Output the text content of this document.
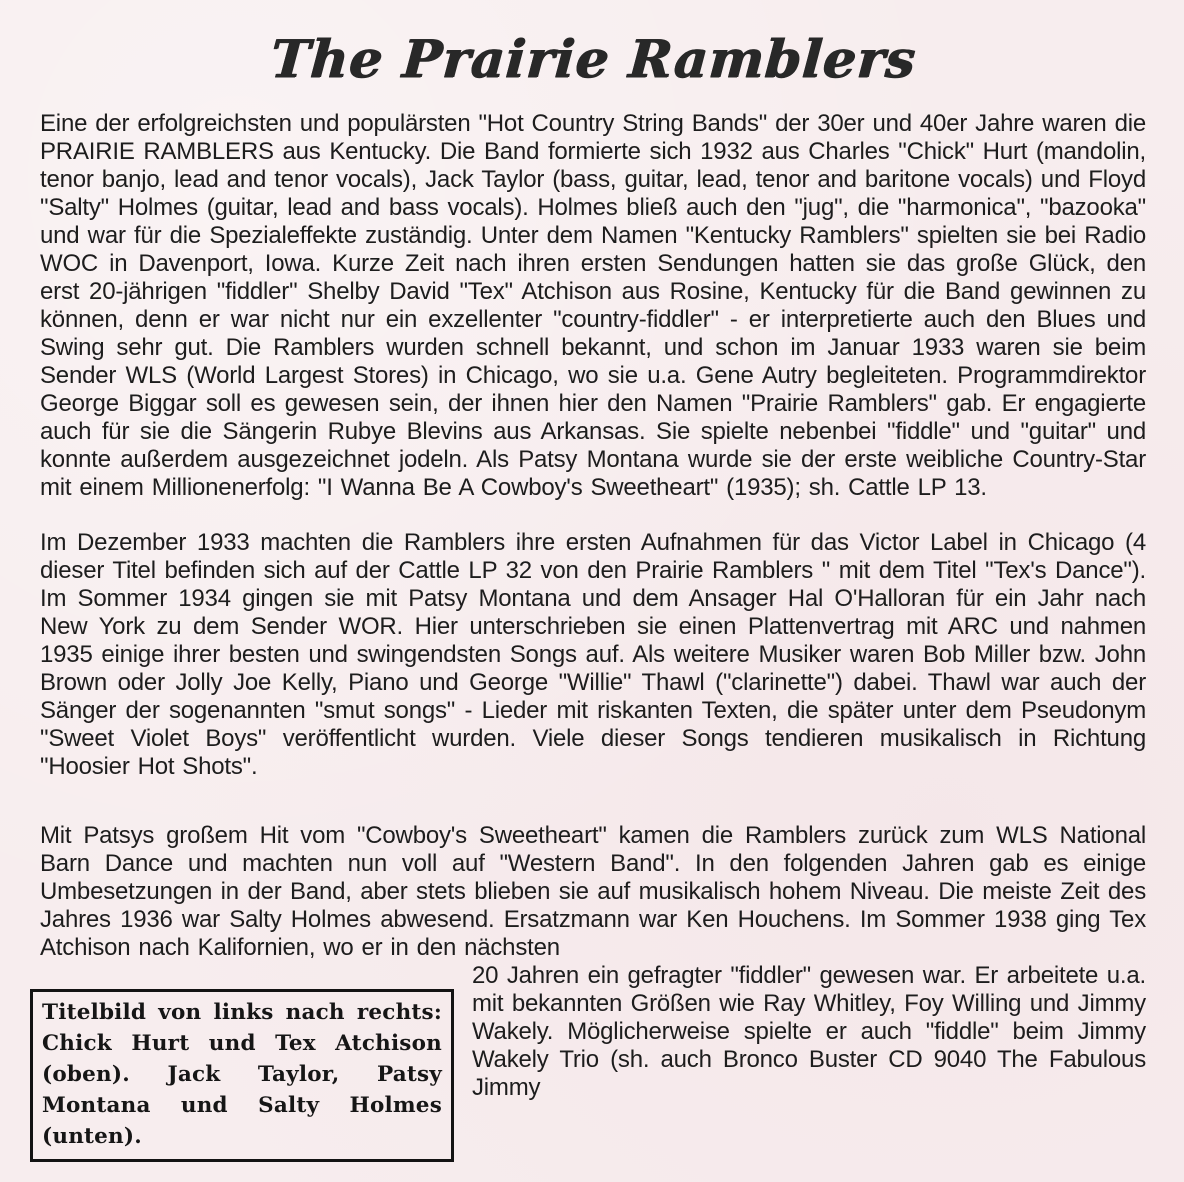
The Prairie Ramblers

Eine der erfolgreichsten und populärsten "Hot Country String Bands" der 30er und 40er Jahre waren die PRAIRIE RAMBLERS aus Kentucky. Die Band formierte sich 1932 aus Charles "Chick" Hurt (mandolin, tenor banjo, lead and tenor vocals), Jack Taylor (bass, guitar, lead, tenor and baritone vocals) und Floyd "Salty" Holmes (guitar, lead and bass vocals). Holmes bließ auch den "jug", die "harmonica", "bazooka" und war für die Spezialeffekte zuständig. Unter dem Namen "Kentucky Ramblers" spielten sie bei Radio WOC in Davenport, Iowa. Kurze Zeit nach ihren ersten Sendungen hatten sie das große Glück, den erst 20-jährigen "fiddler" Shelby David "Tex" Atchison aus Rosine, Kentucky für die Band gewinnen zu können, denn er war nicht nur ein exzellenter "country-fiddler" - er interpretierte auch den Blues und Swing sehr gut. Die Ramblers wurden schnell bekannt, und schon im Januar 1933 waren sie beim Sender WLS (World Largest Stores) in Chicago, wo sie u.a. Gene Autry begleiteten. Programmdirektor George Biggar soll es gewesen sein, der ihnen hier den Namen "Prairie Ramblers" gab. Er engagierte auch für sie die Sängerin Rubye Blevins aus Arkansas. Sie spielte nebenbei "fiddle" und "guitar" und konnte außerdem ausgezeichnet jodeln. Als Patsy Montana wurde sie der erste weibliche Country-Star mit einem Millionenerfolg: "I Wanna Be A Cowboy's Sweetheart" (1935); sh. Cattle LP 13.

Im Dezember 1933 machten die Ramblers ihre ersten Aufnahmen für das Victor Label in Chicago (4 dieser Titel befinden sich auf der Cattle LP 32 von den Prairie Ramblers " mit dem Titel "Tex's Dance"). Im Sommer 1934 gingen sie mit Patsy Montana und dem Ansager Hal O'Halloran für ein Jahr nach New York zu dem Sender WOR. Hier unterschrieben sie einen Plattenvertrag mit ARC und nahmen 1935 einige ihrer besten und swingendsten Songs auf. Als weitere Musiker waren Bob Miller bzw. John Brown oder Jolly Joe Kelly, Piano und George "Willie" Thawl ("clarinette") dabei. Thawl war auch der Sänger der sogenannten "smut songs" - Lieder mit riskanten Texten, die später unter dem Pseudonym "Sweet Violet Boys" veröffentlicht wurden. Viele dieser Songs tendieren musikalisch in Richtung "Hoosier Hot Shots".

Mit Patsys großem Hit vom "Cowboy's Sweetheart" kamen die Ramblers zurück zum WLS National Barn Dance und machten nun voll auf "Western Band". In den folgenden Jahren gab es einige Umbesetzungen in der Band, aber stets blieben sie auf musikalisch hohem Niveau. Die meiste Zeit des Jahres 1936 war Salty Holmes abwesend. Ersatzmann war Ken Houchens. Im Sommer 1938 ging Tex Atchison nach Kalifornien, wo er in den nächsten

Titelbild von links nach rechts: Chick Hurt und Tex Atchison (oben). Jack Taylor, Patsy Montana und Salty Holmes (unten).

20 Jahren ein gefragter "fiddler" gewesen war. Er arbeitete u.a. mit bekannten Größen wie Ray Whitley, Foy Willing und Jimmy Wakely. Möglicherweise spielte er auch "fiddle" beim Jimmy Wakely Trio (sh. auch Bronco Buster CD 9040 The Fabulous Jimmy
